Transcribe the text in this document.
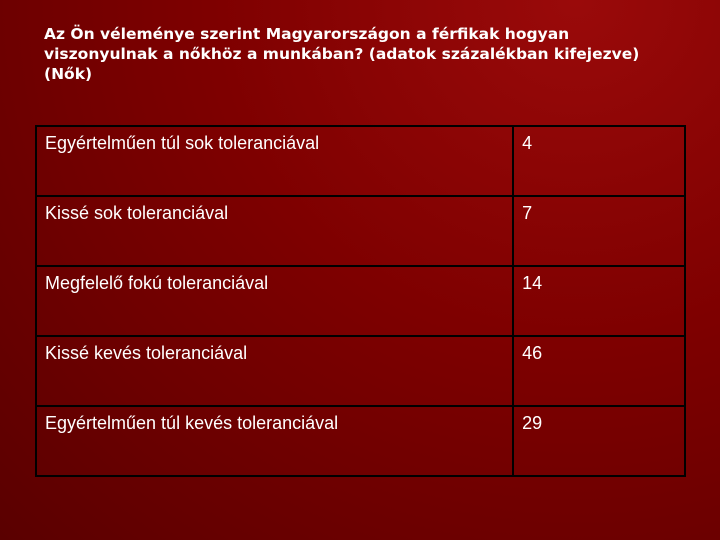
Az Ön véleménye szerint Magyarországon a férfikak hogyan viszonyulnak a nőkhöz a munkában? (adatok százalékban kifejezve) (Nők)
Egyértelműen túl sok toleranciával	4
Kissé sok toleranciával	7
Megfelelő fokú toleranciával	14
Kissé kevés toleranciával	46
Egyértelműen túl kevés toleranciával	29
